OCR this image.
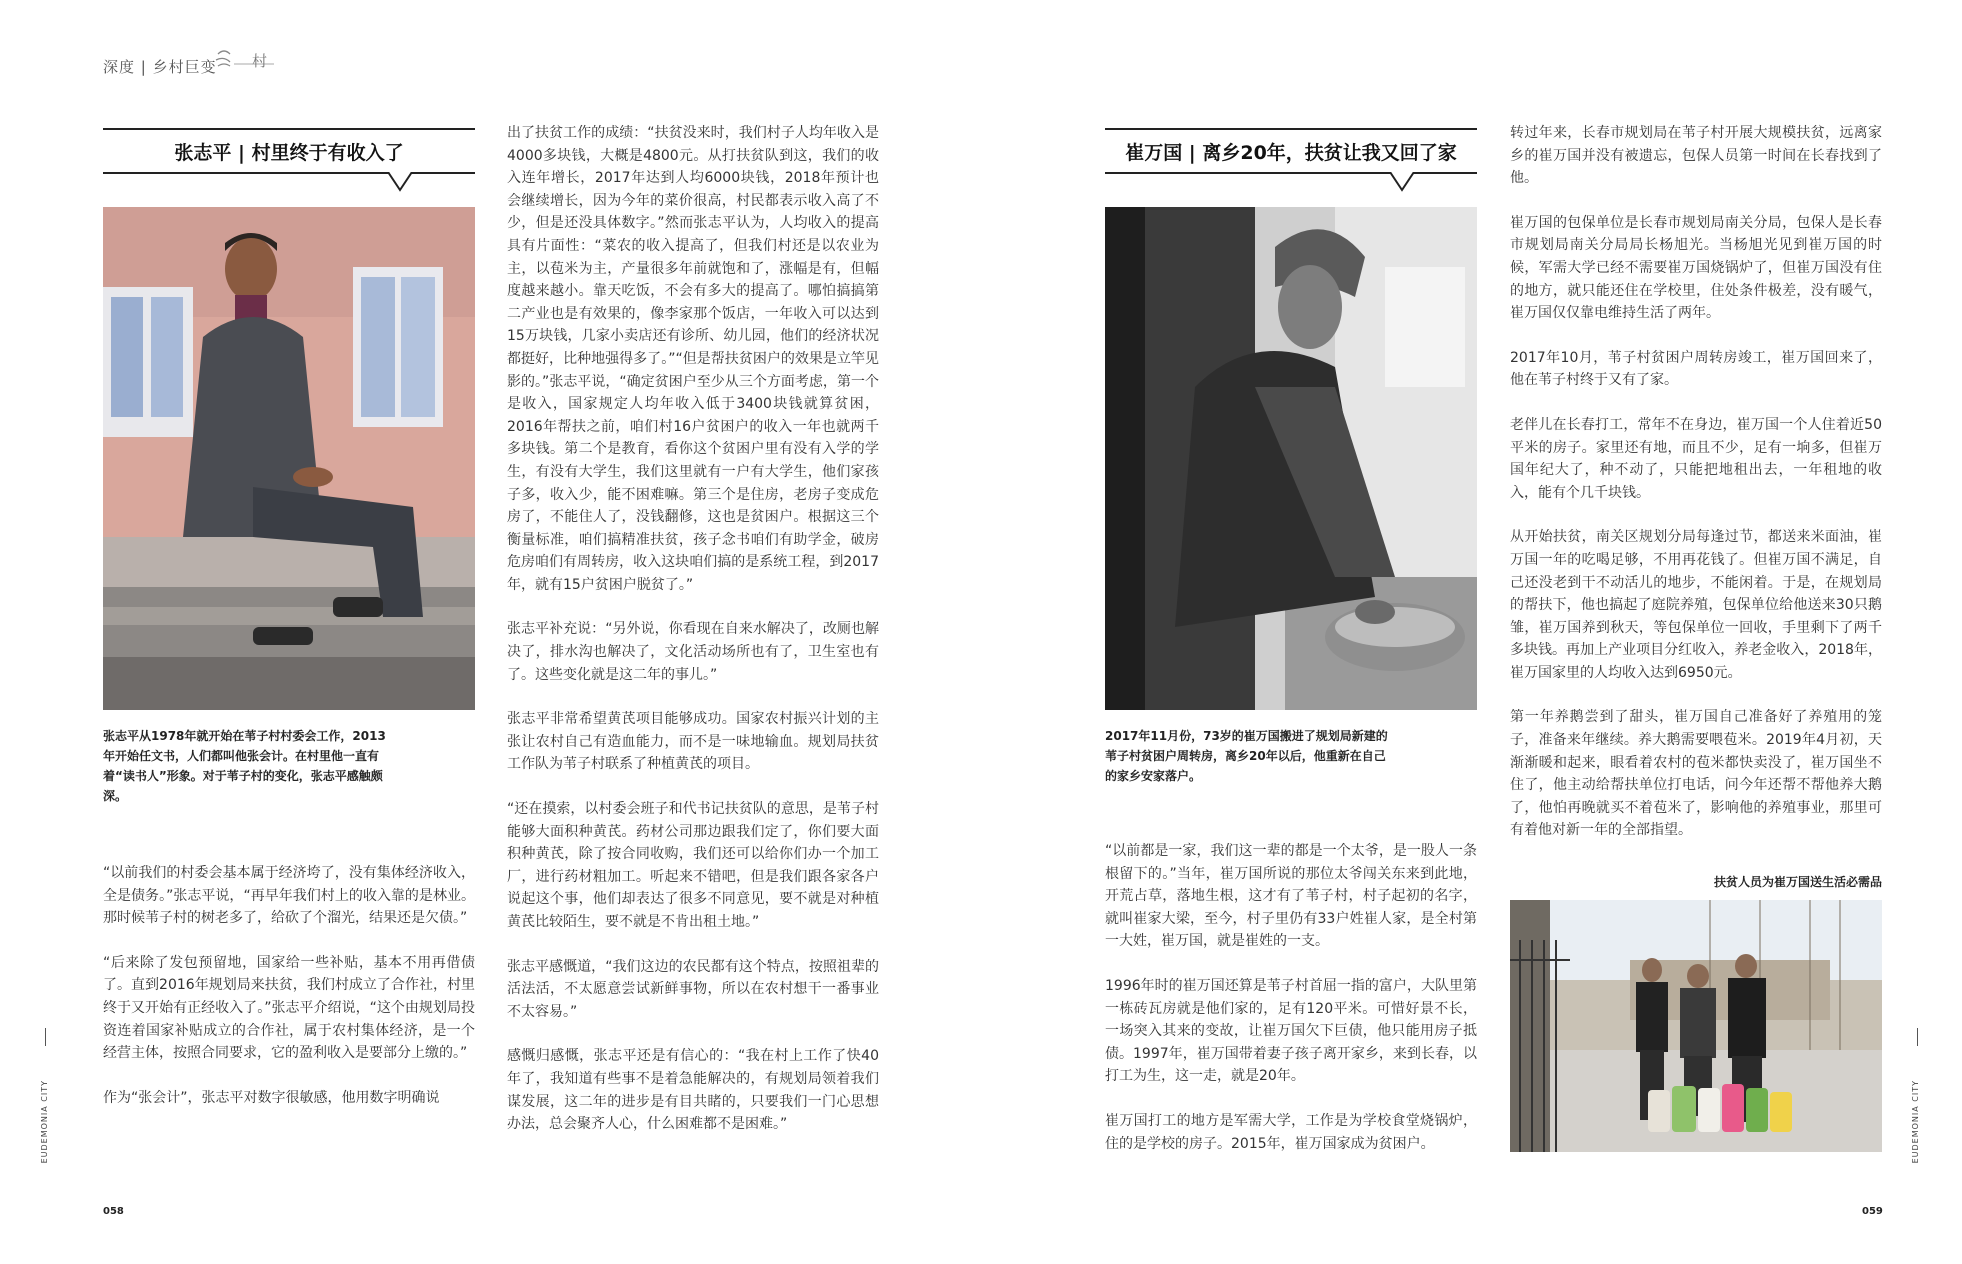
深度 | 乡村巨变 村
张志平 | 村里终于有收入了
张志平从1978年就开始在苇子村村委会工作，2013年开始任文书，人们都叫他张会计。在村里他一直有着“读书人”形象。对于苇子村的变化，张志平感触颇深。

“以前我们的村委会基本属于经济垮了，没有集体经济收入，全是债务。”张志平说，“再早年我们村上的收入靠的是林业。那时候苇子村的树老多了，给砍了个溜光，结果还是欠债。”

“后来除了发包预留地，国家给一些补贴，基本不用再借债了。直到2016年规划局来扶贫，我们村成立了合作社，村里终于又开始有正经收入了。”张志平介绍说，“这个由规划局投资连着国家补贴成立的合作社，属于农村集体经济，是一个经营主体，按照合同要求，它的盈利收入是要部分上缴的。”

作为“张会计”，张志平对数字很敏感，他用数字明确说

出了扶贫工作的成绩：“扶贫没来时，我们村子人均年收入是4000多块钱，大概是4800元。从打扶贫队到这，我们的收入连年增长，2017年达到人均6000块钱，2018年预计也会继续增长，因为今年的菜价很高，村民都表示收入高了不少，但是还没具体数字。”然而张志平认为，人均收入的提高具有片面性：“菜农的收入提高了，但我们村还是以农业为主，以苞米为主，产量很多年前就饱和了，涨幅是有，但幅度越来越小。靠天吃饭，不会有多大的提高了。哪怕搞搞第二产业也是有效果的，像李家那个饭店，一年收入可以达到15万块钱，几家小卖店还有诊所、幼儿园，他们的经济状况都挺好，比种地强得多了。”“但是帮扶贫困户的效果是立竿见影的。”张志平说，“确定贫困户至少从三个方面考虑，第一个是收入，国家规定人均年收入低于3400块钱就算贫困，2016年帮扶之前，咱们村16户贫困户的收入一年也就两千多块钱。第二个是教育，看你这个贫困户里有没有入学的学生，有没有大学生，我们这里就有一户有大学生，他们家孩子多，收入少，能不困难嘛。第三个是住房，老房子变成危房了，不能住人了，没钱翻修，这也是贫困户。根据这三个衡量标准，咱们搞精准扶贫，孩子念书咱们有助学金，破房危房咱们有周转房，收入这块咱们搞的是系统工程，到2017年，就有15户贫困户脱贫了。”

张志平补充说：“另外说，你看现在自来水解决了，改厕也解决了，排水沟也解决了，文化活动场所也有了，卫生室也有了。这些变化就是这二年的事儿。”

张志平非常希望黄芪项目能够成功。国家农村振兴计划的主张让农村自己有造血能力，而不是一味地输血。规划局扶贫工作队为苇子村联系了种植黄芪的项目。

“还在摸索，以村委会班子和代书记扶贫队的意思，是苇子村能够大面积种黄芪。药材公司那边跟我们定了，你们要大面积种黄芪，除了按合同收购，我们还可以给你们办一个加工厂，进行药材粗加工。听起来不错吧，但是我们跟各家各户说起这个事，他们却表达了很多不同意见，要不就是对种植黄芪比较陌生，要不就是不肯出租土地。”

张志平感慨道，“我们这边的农民都有这个特点，按照祖辈的活法活，不太愿意尝试新鲜事物，所以在农村想干一番事业不太容易。”

感慨归感慨，张志平还是有信心的：“我在村上工作了快40年了，我知道有些事不是着急能解决的，有规划局领着我们谋发展，这二年的进步是有目共睹的，只要我们一门心思想办法，总会聚齐人心，什么困难都不是困难。”

EUDEMONIA CITY
058
崔万国 | 离乡20年，扶贫让我又回了家
2017年11月份，73岁的崔万国搬进了规划局新建的苇子村贫困户周转房，离乡20年以后，他重新在自己的家乡安家落户。

“以前都是一家，我们这一辈的都是一个太爷，是一股人一条根留下的。”当年，崔万国所说的那位太爷闯关东来到此地，开荒占草，落地生根，这才有了苇子村，村子起初的名字，就叫崔家大梁，至今，村子里仍有33户姓崔人家，是全村第一大姓，崔万国，就是崔姓的一支。

1996年时的崔万国还算是苇子村首屈一指的富户，大队里第一栋砖瓦房就是他们家的，足有120平米。可惜好景不长，一场突入其来的变故，让崔万国欠下巨债，他只能用房子抵债。1997年，崔万国带着妻子孩子离开家乡，来到长春，以打工为生，这一走，就是20年。

崔万国打工的地方是军需大学，工作是为学校食堂烧锅炉，住的是学校的房子。2015年，崔万国家成为贫困户。

转过年来，长春市规划局在苇子村开展大规模扶贫，远离家乡的崔万国并没有被遗忘，包保人员第一时间在长春找到了他。

崔万国的包保单位是长春市规划局南关分局，包保人是长春市规划局南关分局局长杨旭光。当杨旭光见到崔万国的时候，军需大学已经不需要崔万国烧锅炉了，但崔万国没有住的地方，就只能还住在学校里，住处条件极差，没有暖气，崔万国仅仅靠电维持生活了两年。

2017年10月，苇子村贫困户周转房竣工，崔万国回来了，他在苇子村终于又有了家。

老伴儿在长春打工，常年不在身边，崔万国一个人住着近50平米的房子。家里还有地，而且不少，足有一垧多，但崔万国年纪大了，种不动了，只能把地租出去，一年租地的收入，能有个几千块钱。

从开始扶贫，南关区规划分局每逢过节，都送来米面油，崔万国一年的吃喝足够，不用再花钱了。但崔万国不满足，自己还没老到干不动活儿的地步，不能闲着。于是，在规划局的帮扶下，他也搞起了庭院养殖，包保单位给他送来30只鹅雏，崔万国养到秋天，等包保单位一回收，手里剩下了两千多块钱。再加上产业项目分红收入，养老金收入，2018年，崔万国家里的人均收入达到6950元。

第一年养鹅尝到了甜头，崔万国自己准备好了养殖用的笼子，准备来年继续。养大鹅需要喂苞米。2019年4月初，天渐渐暖和起来，眼看着农村的苞米都快卖没了，崔万国坐不住了，他主动给帮扶单位打电话，问今年还帮不帮他养大鹅了，他怕再晚就买不着苞米了，影响他的养殖事业，那里可有着他对新一年的全部指望。

扶贫人员为崔万国送生活必需品
EUDEMONIA CITY
059
